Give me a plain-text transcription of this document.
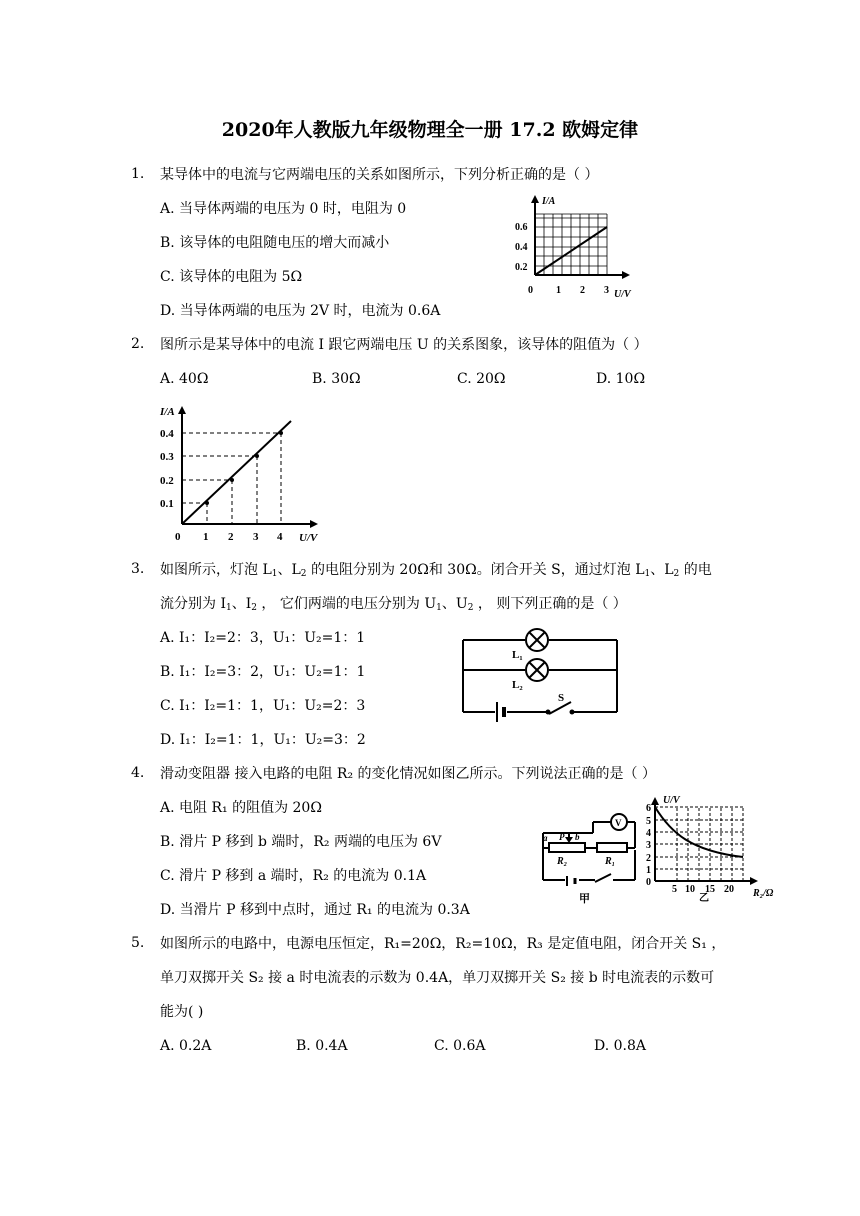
2020年人教版九年级物理全一册 17.2 欧姆定律
1. 某导体中的电流与它两端电压的关系如图所示，下列分析正确的是（ ）
A. 当导体两端的电压为 0 时，电阻为 0
B. 该导体的电阻随电压的增大而减小
C. 该导体的电阻为 5Ω
D. 当导体两端的电压为 2V 时，电流为 0.6A
I/A
U/V
0 1 2 3
0.2
0.4
0.6
2. 图所示是某导体中的电流 I 跟它两端电压 U 的关系图象，该导体的阻值为（ ）
A. 40Ω	B. 30Ω	C. 20Ω	D. 10Ω
I/A
U/V
0 1 2 3 4
0.1
0.2
0.3
0.4
3. 如图所示，灯泡 $L_1$、$L_2$ 的电阻分别为 20Ω和 30Ω。闭合开关 S，通过灯泡 $L_1$、$L_2$ 的电
流分别为 $I_1$、$I_2$ ， 它们两端的电压分别为 $U_1$、$U_2$ ， 则下列正确的是（ ）
A. I₁：I₂=2：3，U₁：U₂=1：1
B. I₁：I₂=3：2，U₁：U₂=1：1
C. I₁：I₂=1：1，U₁：U₂=2：3
D. I₁：I₂=1：1，U₁：U₂=3：2
L₁
L₂
S
4. 滑动变阻器 接入电路的电阻 R₂ 的变化情况如图乙所示。下列说法正确的是（ ）
A. 电阻 R₁ 的阻值为 20Ω
B. 滑片 P 移到 b 端时，R₂ 两端的电压为 6V
C. 滑片 P 移到 a 端时，R₂ 的电流为 0.1A
D. 当滑片 P 移到中点时，通过 R₁ 的电流为 0.3A
V
P b
a
R₂	R₁
甲
U/V
R₂/Ω
0
5 10 15 20
1
2
3
4
5
6
乙
5. 如图所示的电路中，电源电压恒定，R₁=20Ω，R₂=10Ω，R₃ 是定值电阻，闭合开关 S₁ ，
单刀双掷开关 S₂ 接 a 时电流表的示数为 0.4A，单刀双掷开关 S₂ 接 b 时电流表的示数可
能为( )
A. 0.2A	B. 0.4A	C. 0.6A	D. 0.8A
